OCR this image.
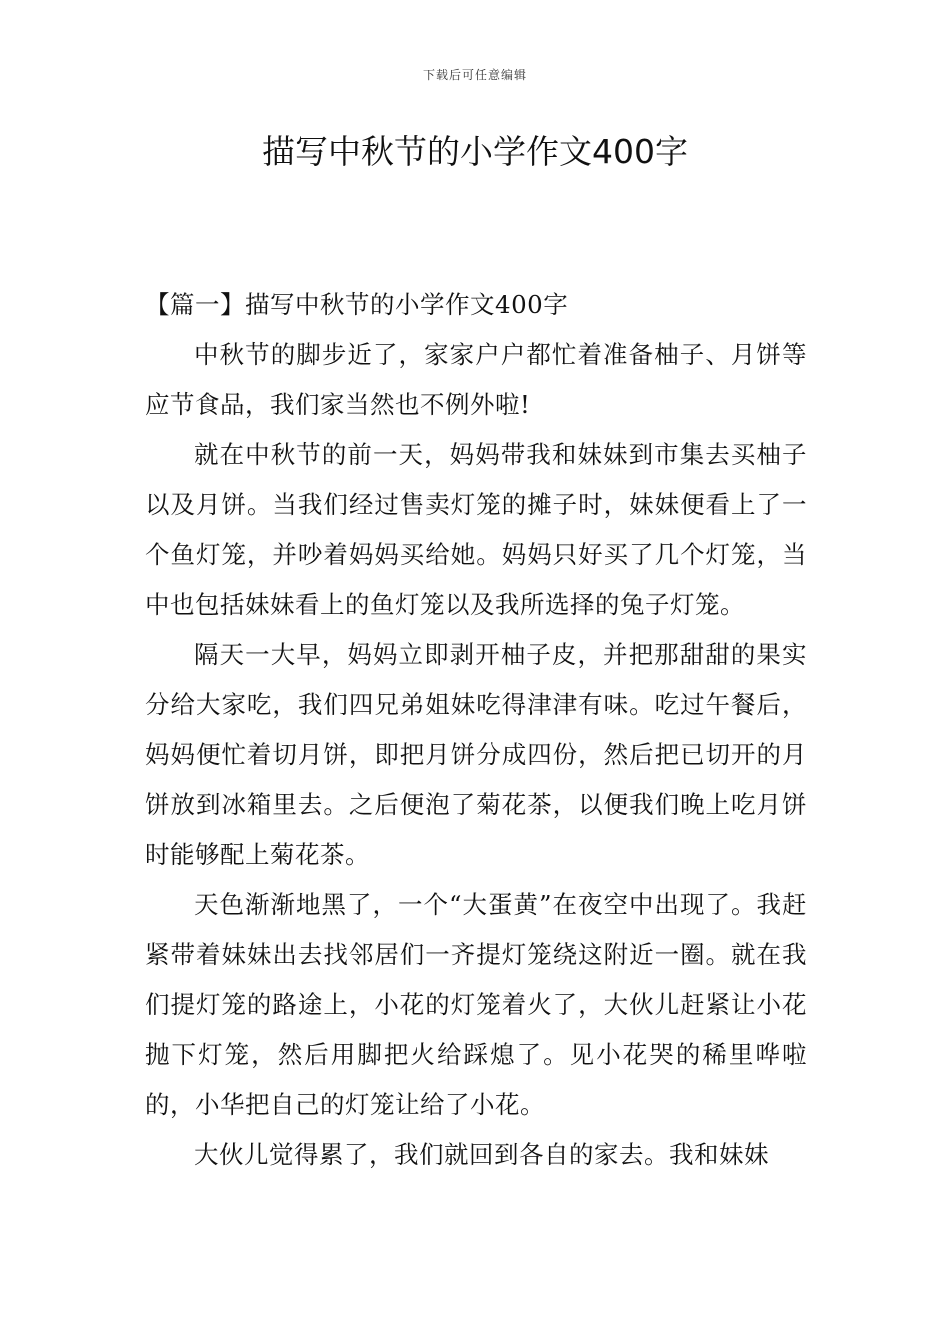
下载后可任意编辑
描写中秋节的小学作文400字

【篇一】描写中秋节的小学作文400字

中秋节的脚步近了，家家户户都忙着准备柚子、月饼等应节食品，我们家当然也不例外啦!

就在中秋节的前一天，妈妈带我和妹妹到市集去买柚子以及月饼。当我们经过售卖灯笼的摊子时，妹妹便看上了一个鱼灯笼，并吵着妈妈买给她。妈妈只好买了几个灯笼，当中也包括妹妹看上的鱼灯笼以及我所选择的兔子灯笼。

隔天一大早，妈妈立即剥开柚子皮，并把那甜甜的果实分给大家吃，我们四兄弟姐妹吃得津津有味。吃过午餐后，妈妈便忙着切月饼，即把月饼分成四份，然后把已切开的月饼放到冰箱里去。之后便泡了菊花茶，以便我们晚上吃月饼时能够配上菊花茶。

天色渐渐地黑了，一个“大蛋黄”在夜空中出现了。我赶紧带着妹妹出去找邻居们一齐提灯笼绕这附近一圈。就在我们提灯笼的路途上，小花的灯笼着火了，大伙儿赶紧让小花抛下灯笼，然后用脚把火给踩熄了。见小花哭的稀里哗啦的，小华把自己的灯笼让给了小花。

大伙儿觉得累了，我们就回到各自的家去。我和妹妹
